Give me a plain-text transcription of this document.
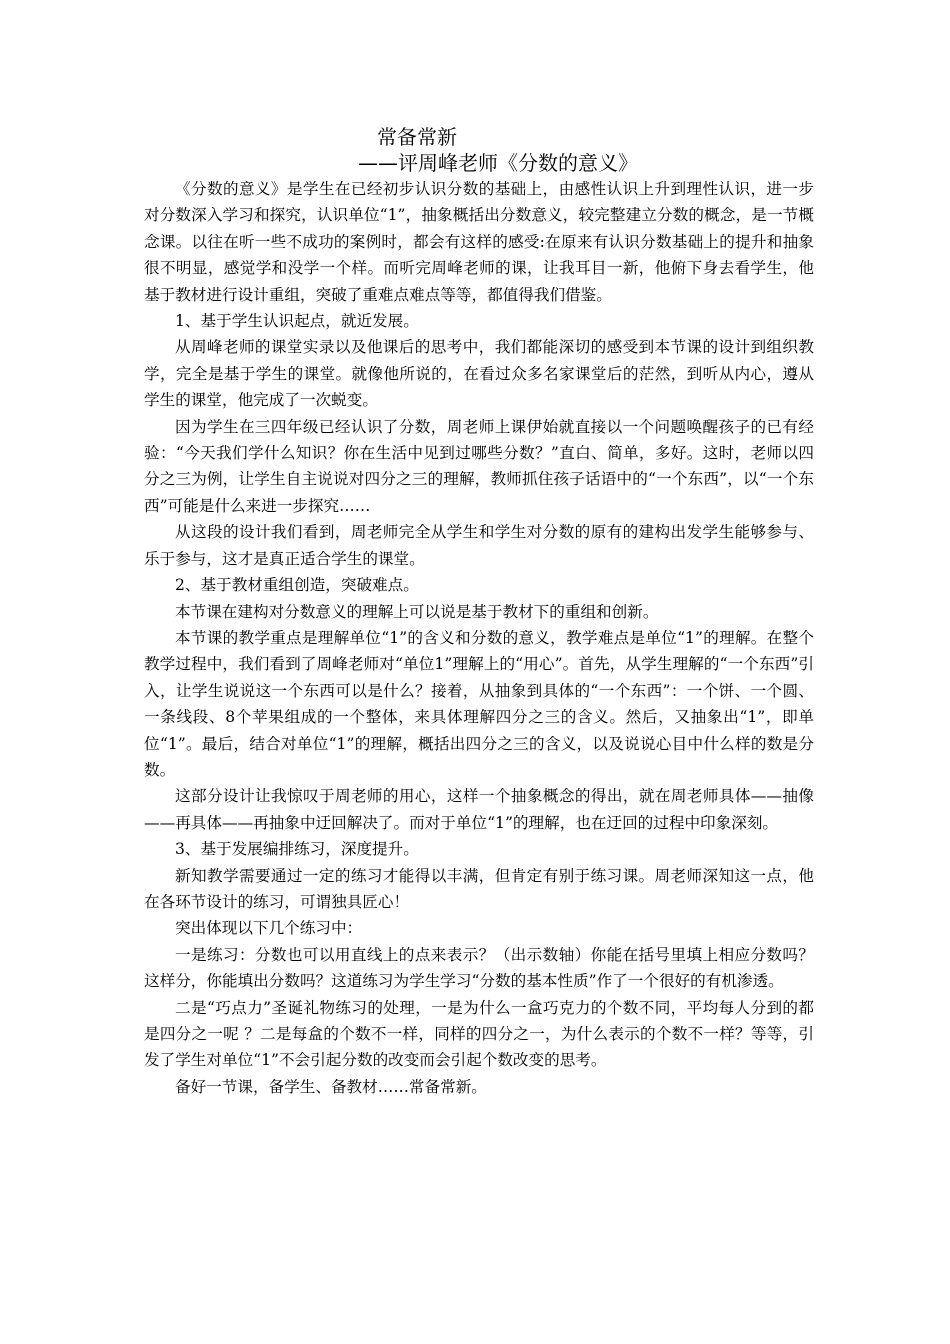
常备常新
——评周峰老师《分数的意义》

《分数的意义》是学生在已经初步认识分数的基础上，由感性认识上升到理性认识，进一步对分数深入学习和探究，认识单位“1”，抽象概括出分数意义，较完整建立分数的概念，是一节概念课。以往在听一些不成功的案例时，都会有这样的感受:在原来有认识分数基础上的提升和抽象很不明显，感觉学和没学一个样。而听完周峰老师的课，让我耳目一新，他俯下身去看学生，他基于教材进行设计重组，突破了重难点难点等等，都值得我们借鉴。

1、基于学生认识起点，就近发展。

从周峰老师的课堂实录以及他课后的思考中，我们都能深切的感受到本节课的设计到组织教学，完全是基于学生的课堂。就像他所说的，在看过众多名家课堂后的茫然，到听从内心，遵从学生的课堂，他完成了一次蜕变。

因为学生在三四年级已经认识了分数，周老师上课伊始就直接以一个问题唤醒孩子的已有经验：“今天我们学什么知识？你在生活中见到过哪些分数？”直白、简单，多好。这时，老师以四分之三为例，让学生自主说说对四分之三的理解，教师抓住孩子话语中的“一个东西”，以“一个东西”可能是什么来进一步探究……

从这段的设计我们看到，周老师完全从学生和学生对分数的原有的建构出发学生能够参与、乐于参与，这才是真正适合学生的课堂。

2、基于教材重组创造，突破难点。

本节课在建构对分数意义的理解上可以说是基于教材下的重组和创新。

本节课的教学重点是理解单位“1”的含义和分数的意义，教学难点是单位“1”的理解。在整个教学过程中，我们看到了周峰老师对“单位1”理解上的“用心”。首先，从学生理解的“一个东西”引入，让学生说说这一个东西可以是什么？接着，从抽象到具体的“一个东西”：一个饼、一个圆、一条线段、8个苹果组成的一个整体，来具体理解四分之三的含义。然后，又抽象出“1”，即单位“1”。最后，结合对单位“1”的理解，概括出四分之三的含义，以及说说心目中什么样的数是分数。

这部分设计让我惊叹于周老师的用心，这样一个抽象概念的得出，就在周老师具体——抽像——再具体——再抽象中迂回解决了。而对于单位“1”的理解，也在迂回的过程中印象深刻。

3、基于发展编排练习，深度提升。

新知教学需要通过一定的练习才能得以丰满，但肯定有别于练习课。周老师深知这一点，他在各环节设计的练习，可谓独具匠心！

突出体现以下几个练习中：

一是练习：分数也可以用直线上的点来表示？（出示数轴）你能在括号里填上相应分数吗？这样分，你能填出分数吗？这道练习为学生学习“分数的基本性质”作了一个很好的有机渗透。

二是“巧点力”圣诞礼物练习的处理，一是为什么一盒巧克力的个数不同，平均每人分到的都是四分之一呢 ？二是每盒的个数不一样，同样的四分之一，为什么表示的个数不一样？等等，引发了学生对单位“1”不会引起分数的改变而会引起个数改变的思考。

备好一节课，备学生、备教材……常备常新。
